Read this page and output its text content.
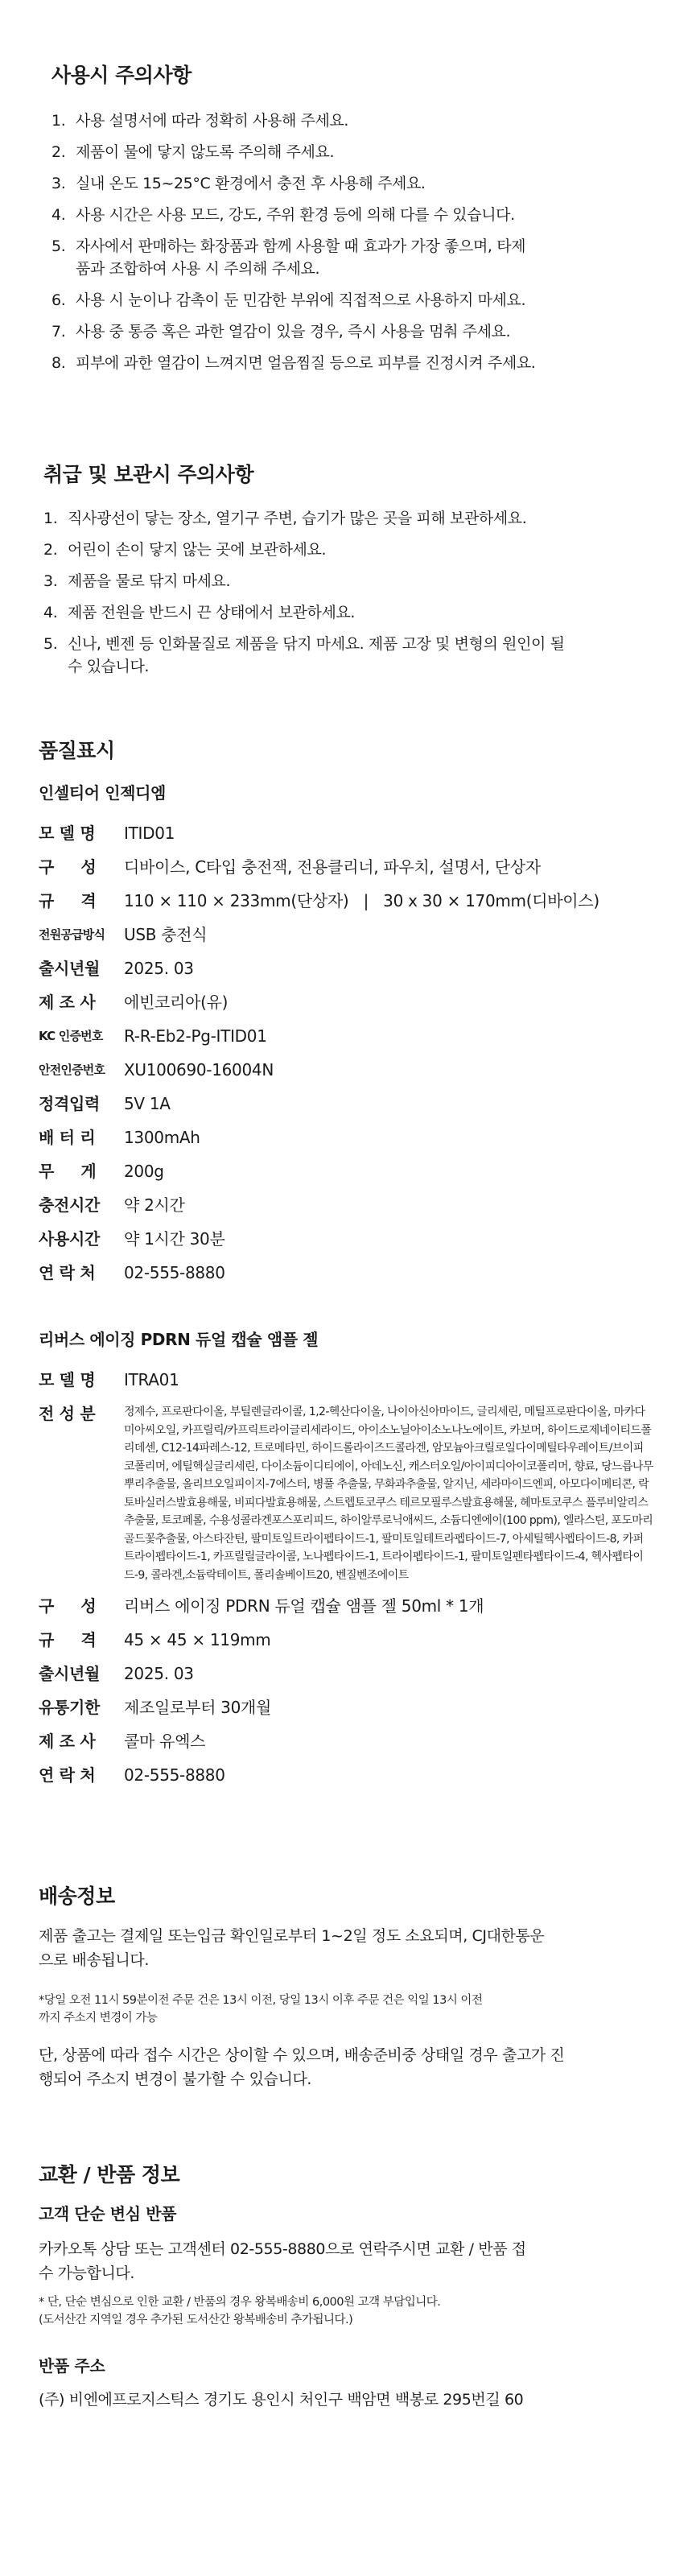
사용시 주의사항
1. 사용 설명서에 따라 정확히 사용해 주세요.
2. 제품이 물에 닿지 않도록 주의해 주세요.
3. 실내 온도 15~25°C 환경에서 충전 후 사용해 주세요.
4. 사용 시간은 사용 모드, 강도, 주위 환경 등에 의해 다를 수 있습니다.
5. 자사에서 판매하는 화장품과 함께 사용할 때 효과가 가장 좋으며, 타제품과 조합하여 사용 시 주의해 주세요.
6. 사용 시 눈이나 감촉이 둔 민감한 부위에 직접적으로 사용하지 마세요.
7. 사용 중 통증 혹은 과한 열감이 있을 경우, 즉시 사용을 멈춰 주세요.
8. 피부에 과한 열감이 느껴지면 얼음찜질 등으로 피부를 진정시켜 주세요.
취급 및 보관시 주의사항
1. 직사광선이 닿는 장소, 열기구 주변, 습기가 많은 곳을 피해 보관하세요.
2. 어린이 손이 닿지 않는 곳에 보관하세요.
3. 제품을 물로 닦지 마세요.
4. 제품 전원을 반드시 끈 상태에서 보관하세요.
5. 신나, 벤젠 등 인화물질로 제품을 닦지 마세요. 제품 고장 및 변형의 원인이 될 수 있습니다.
품질표시
인셀티어 인젝디엠
모 델 명	ITID01
구     성	디바이스, C타입 충전잭, 전용클리너, 파우치, 설명서, 단상자
규     격	110 × 110 × 233mm(단상자)   |   30 x 30 × 170mm(디바이스)
전원공급방식	USB 충전식
출시년월	2025. 03
제 조 사	에빈코리아(유)
KC 인증번호	R-R-Eb2-Pg-ITID01
안전인증번호	XU100690-16004N
정격입력	5V 1A
배 터 리	1300mAh
무     게	200g
충전시간	약 2시간
사용시간	약 1시간 30분
연 락 처	02-555-8880
리버스 에이징 PDRN 듀얼 캡슐 앰플 젤
모 델 명	ITRA01
전 성 분	정제수, 프로판다이올, 부틸렌글라이콜, 1,2-헥산다이올, 나이아신아마이드, 글리세린, 메틸프로판다이올, 마카다미아씨오일, 카프릴릭/카프릭트라이글리세라이드, 아이소노닐아이소노나노에이트, 카보머, 하이드로제네이티드폴리데센, C12-14파레스-12, 트로메타민, 하이드롤라이즈드콜라겐, 암모늄아크릴로일다이메틸타우레이트/브이피코폴리머, 에틸헥실글리세린, 다이소듐이디티에이, 아데노신, 캐스터오일/아이피디아이코폴리머, 향료, 당느릅나무뿌리추출물, 올리브오일피이지-7에스터, 병풀 추출물, 무화과추출물, 알지닌, 세라마이드엔피, 아모다이메티콘, 락토바실러스발효용해물, 비피다발효용해물, 스트렙토코쿠스 테르모필루스발효용해물, 헤마토코쿠스 플루비알리스추출물, 토코페롤, 수용성콜라겐포스포리피드, 하이알루로닉애씨드, 소듐디엔에이(100 ppm), 엘라스틴, 포도마리골드꽃추출물, 아스타잔틴, 팔미토일트라이펩타이드-1, 팔미토일테트라펩타이드-7, 아세틸헥사펩타이드-8, 카퍼트라이펩타이드-1, 카프릴릴글라이콜, 노나펩타이드-1, 트라이펩타이드-1, 팔미토일펜타펩타이드-4, 헥사펩타이드-9, 콜라겐,소듐락테이트, 폴리솔베이트20, 벤질벤조에이트
구     성	리버스 에이징 PDRN 듀얼 캡슐 앰플 젤 50ml * 1개
규     격	45 × 45 × 119mm
출시년월	2025. 03
유통기한	제조일로부터 30개월
제 조 사	콜마 유엑스
연 락 처	02-555-8880
배송정보

제품 출고는 결제일 또는입금 확인일로부터 1~2일 정도 소요되며, CJ대한통운으로 배송됩니다.

*당일 오전 11시 59분이전 주문 건은 13시 이전, 당일 13시 이후 주문 건은 익일 13시 이전까지 주소지 변경이 가능

단, 상품에 따라 접수 시간은 상이할 수 있으며, 배송준비중 상태일 경우 출고가 진행되어 주소지 변경이 불가할 수 있습니다.

교환 / 반품 정보
고객 단순 변심 반품

카카오톡 상담 또는 고객센터 02-555-8880으로 연락주시면 교환 / 반품 접수 가능합니다.

* 단, 단순 변심으로 인한 교환 / 반품의 경우 왕복배송비 6,000원 고객 부담입니다.

(도서산간 지역일 경우 추가된 도서산간 왕복배송비 추가됩니다.)

반품 주소

(주) 비엔에프로지스틱스 경기도 용인시 처인구 백암면 백봉로 295번길 60
